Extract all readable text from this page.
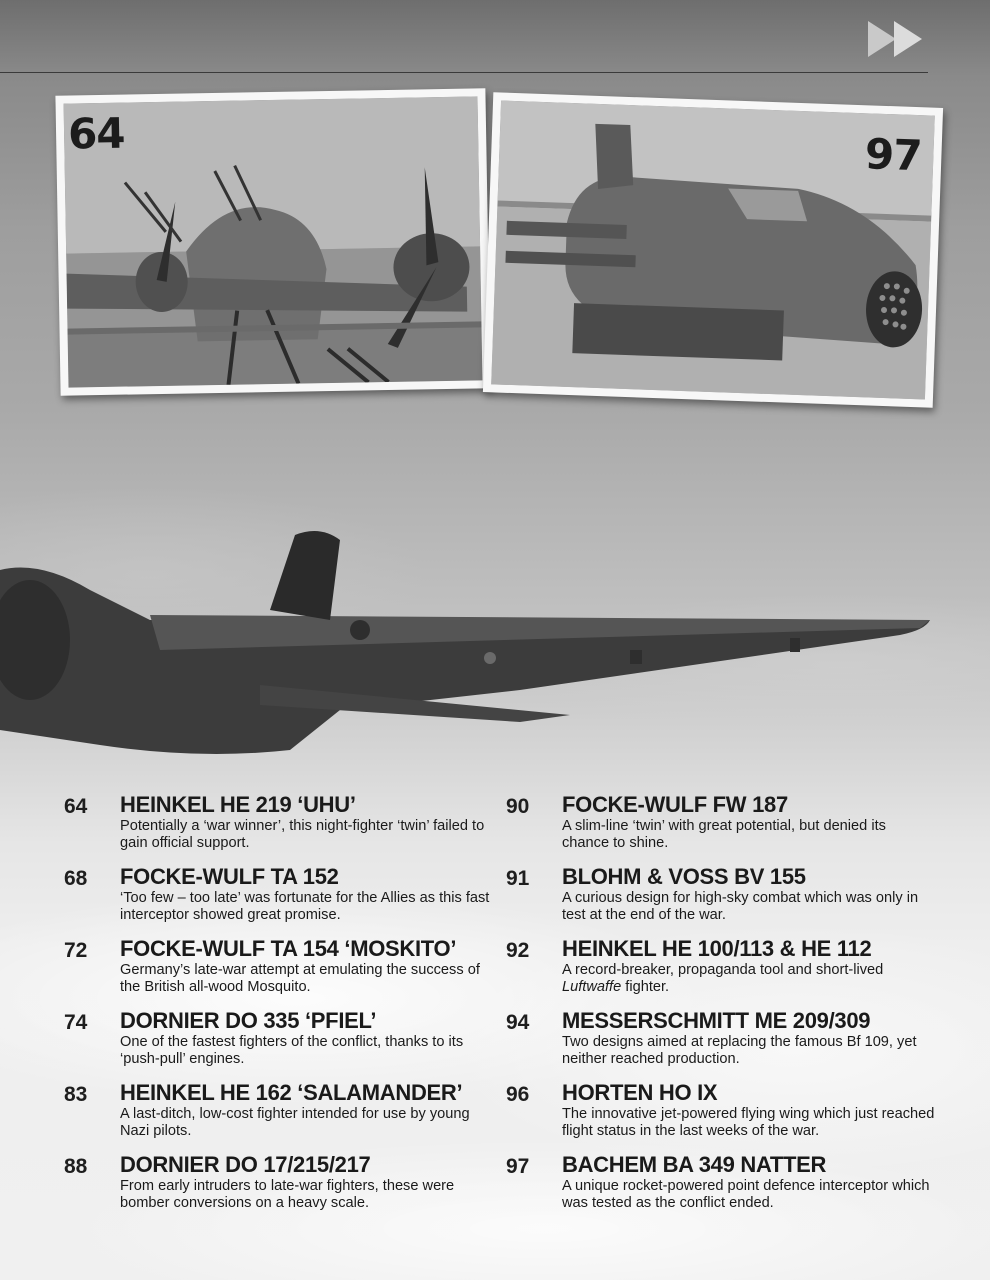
64	97
64	HEINKEL HE 219 ‘UHU’
Potentially a ‘war winner’, this night-fighter ‘twin’ failed to gain official support.
68	FOCKE-WULF TA 152
‘Too few – too late’ was fortunate for the Allies as this fast interceptor showed great promise.
72	FOCKE-WULF TA 154 ‘MOSKITO’
Germany’s late-war attempt at emulating the success of the British all-wood Mosquito.
74	DORNIER DO 335 ‘PFIEL’
One of the fastest fighters of the conflict, thanks to its ‘push-pull’ engines.
83	HEINKEL HE 162 ‘SALAMANDER’
A last-ditch, low-cost fighter intended for use by young Nazi pilots.
88	DORNIER DO 17/215/217
From early intruders to late-war fighters, these were bomber conversions on a heavy scale.
90	FOCKE-WULF FW 187
A slim-line ‘twin’ with great potential, but denied its chance to shine.
91	BLOHM & VOSS BV 155
A curious design for high-sky combat which was only in test at the end of the war.
92	HEINKEL HE 100/113 & HE 112
A record-breaker, propaganda tool and short-lived Luftwaffe fighter.
94	MESSERSCHMITT ME 209/309
Two designs aimed at replacing the famous Bf 109, yet neither reached production.
96	HORTEN HO IX
The innovative jet-powered flying wing which just reached flight status in the last weeks of the war.
97	BACHEM BA 349 NATTER
A unique rocket-powered point defence interceptor which was tested as the conflict ended.
